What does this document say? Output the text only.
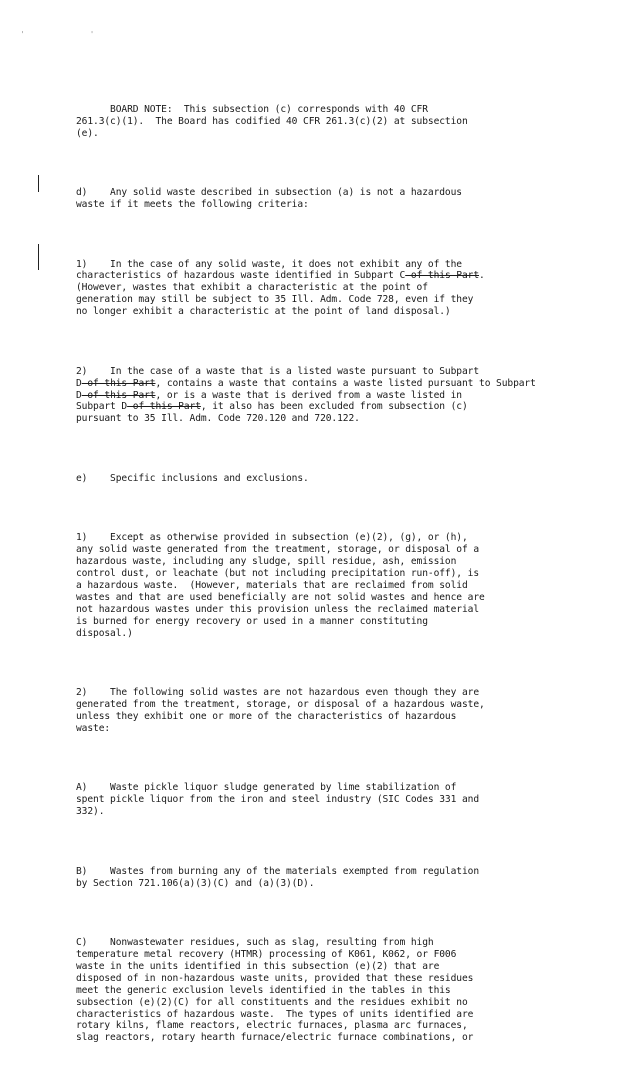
' '

BOARD NOTE:  This subsection (c) corresponds with 40 CFR
261.3(c)(1).  The Board has codified 40 CFR 261.3(c)(2) at subsection
(e).

d)    Any solid waste described in subsection (a) is not a hazardous
waste if it meets the following criteria:

1)    In the case of any solid waste, it does not exhibit any of the
characteristics of hazardous waste identified in Subpart C of this Part.
(However, wastes that exhibit a characteristic at the point of
generation may still be subject to 35 Ill. Adm. Code 728, even if they
no longer exhibit a characteristic at the point of land disposal.)

2)    In the case of a waste that is a listed waste pursuant to Subpart
D of this Part, contains a waste that contains a waste listed pursuant to Subpart
D of this Part, or is a waste that is derived from a waste listed in
Subpart D of this Part, it also has been excluded from subsection (c)
pursuant to 35 Ill. Adm. Code 720.120 and 720.122.

e)    Specific inclusions and exclusions.

1)    Except as otherwise provided in subsection (e)(2), (g), or (h),
any solid waste generated from the treatment, storage, or disposal of a
hazardous waste, including any sludge, spill residue, ash, emission
control dust, or leachate (but not including precipitation run-off), is
a hazardous waste.  (However, materials that are reclaimed from solid
wastes and that are used beneficially are not solid wastes and hence are
not hazardous wastes under this provision unless the reclaimed material
is burned for energy recovery or used in a manner constituting
disposal.)

2)    The following solid wastes are not hazardous even though they are
generated from the treatment, storage, or disposal of a hazardous waste,
unless they exhibit one or more of the characteristics of hazardous
waste:

A)    Waste pickle liquor sludge generated by lime stabilization of
spent pickle liquor from the iron and steel industry (SIC Codes 331 and
332).

B)    Wastes from burning any of the materials exempted from regulation
by Section 721.106(a)(3)(C) and (a)(3)(D).

C)    Nonwastewater residues, such as slag, resulting from high
temperature metal recovery (HTMR) processing of K061, K062, or F006
waste in the units identified in this subsection (e)(2) that are
disposed of in non-hazardous waste units, provided that these residues
meet the generic exclusion levels identified in the tables in this
subsection (e)(2)(C) for all constituents and the residues exhibit no
characteristics of hazardous waste.  The types of units identified are
rotary kilns, flame reactors, electric furnaces, plasma arc furnaces,
slag reactors, rotary hearth furnace/electric furnace combinations, or
